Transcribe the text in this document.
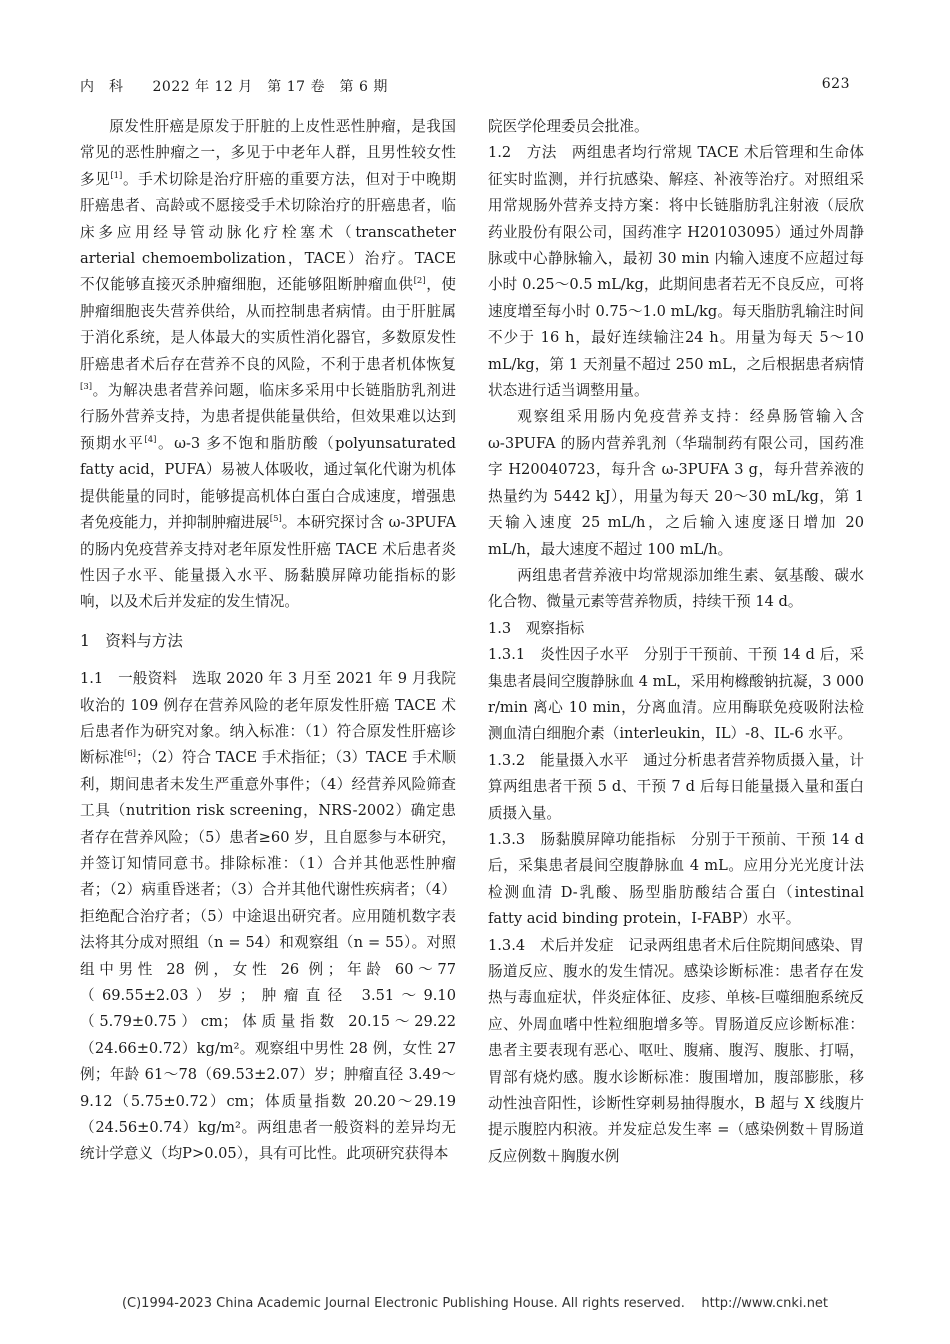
内　科　　2022 年 12 月　第 17 卷　第 6 期	623

原发性肝癌是原发于肝脏的上皮性恶性肿瘤，是我国常见的恶性肿瘤之一，多见于中老年人群，且男性较女性多见[1]。手术切除是治疗肝癌的重要方法，但对于中晚期肝癌患者、高龄或不愿接受手术切除治疗的肝癌患者，临床多应用经导管动脉化疗栓塞术（transcatheter arterial chemoembolization，TACE）治疗。TACE 不仅能够直接灭杀肿瘤细胞，还能够阻断肿瘤血供[2]，使肿瘤细胞丧失营养供给，从而控制患者病情。由于肝脏属于消化系统，是人体最大的实质性消化器官，多数原发性肝癌患者术后存在营养不良的风险，不利于患者机体恢复[3]。为解决患者营养问题，临床多采用中长链脂肪乳剂进行肠外营养支持，为患者提供能量供给，但效果难以达到预期水平[4]。ω-3 多不饱和脂肪酸（polyunsaturated fatty acid，PUFA）易被人体吸收，通过氧化代谢为机体提供能量的同时，能够提高机体白蛋白合成速度，增强患者免疫能力，并抑制肿瘤进展[5]。本研究探讨含 ω-3PUFA 的肠内免疫营养支持对老年原发性肝癌 TACE 术后患者炎性因子水平、能量摄入水平、肠黏膜屏障功能指标的影响，以及术后并发症的发生情况。

1　资料与方法

1.1　一般资料　选取 2020 年 3 月至 2021 年 9 月我院收治的 109 例存在营养风险的老年原发性肝癌 TACE 术后患者作为研究对象。纳入标准：（1）符合原发性肝癌诊断标准[6]；（2）符合 TACE 手术指征；（3）TACE 手术顺利，期间患者未发生严重意外事件；（4）经营养风险筛查工具（nutrition risk screening，NRS-2002）确定患者存在营养风险；（5）患者≥60 岁，且自愿参与本研究，并签订知情同意书。排除标准：（1）合并其他恶性肿瘤者；（2）病重昏迷者；（3）合并其他代谢性疾病者；（4）拒绝配合治疗者；（5）中途退出研究者。应用随机数字表法将其分成对照组（n = 54）和观察组（n = 55）。对照组中男性 28 例，女性 26 例；年龄 60～77（69.55±2.03）岁；肿瘤直径 3.51～9.10（5.79±0.75）cm；体质量指数 20.15～29.22（24.66±0.72）kg/m²。观察组中男性 28 例，女性 27 例；年龄 61～78（69.53±2.07）岁；肿瘤直径 3.49～9.12（5.75±0.72）cm；体质量指数 20.20～29.19（24.56±0.74）kg/m²。两组患者一般资料的差异均无统计学意义（均P>0.05），具有可比性。此项研究获得本

院医学伦理委员会批准。

1.2　方法　两组患者均行常规 TACE 术后管理和生命体征实时监测，并行抗感染、解痉、补液等治疗。对照组采用常规肠外营养支持方案：将中长链脂肪乳注射液（辰欣药业股份有限公司，国药准字 H20103095）通过外周静脉或中心静脉输入，最初 30 min 内输入速度不应超过每小时 0.25～0.5 mL/kg，此期间患者若无不良反应，可将速度增至每小时 0.75～1.0 mL/kg。每天脂肪乳输注时间不少于 16 h，最好连续输注24 h。用量为每天 5～10 mL/kg，第 1 天剂量不超过 250 mL，之后根据患者病情状态进行适当调整用量。

观察组采用肠内免疫营养支持：经鼻肠管输入含 ω-3PUFA 的肠内营养乳剂（华瑞制药有限公司，国药准字 H20040723，每升含 ω-3PUFA 3 g，每升营养液的热量约为 5442 kJ），用量为每天 20～30 mL/kg，第 1 天输入速度 25 mL/h，之后输入速度逐日增加 20 mL/h，最大速度不超过 100 mL/h。

两组患者营养液中均常规添加维生素、氨基酸、碳水化合物、微量元素等营养物质，持续干预 14 d。

1.3　观察指标

1.3.1　炎性因子水平　分别于干预前、干预 14 d 后，采集患者晨间空腹静脉血 4 mL，采用枸橼酸钠抗凝，3 000 r/min 离心 10 min，分离血清。应用酶联免疫吸附法检测血清白细胞介素（interleukin，IL）-8、IL-6 水平。

1.3.2　能量摄入水平　通过分析患者营养物质摄入量，计算两组患者干预 5 d、干预 7 d 后每日能量摄入量和蛋白质摄入量。

1.3.3　肠黏膜屏障功能指标　分别于干预前、干预 14 d 后，采集患者晨间空腹静脉血 4 mL。应用分光光度计法检测血清 D-乳酸、肠型脂肪酸结合蛋白（intestinal fatty acid binding protein，I-FABP）水平。

1.3.4　术后并发症　记录两组患者术后住院期间感染、胃肠道反应、腹水的发生情况。感染诊断标准：患者存在发热与毒血症状，伴炎症体征、皮疹、单核-巨噬细胞系统反应、外周血嗜中性粒细胞增多等。胃肠道反应诊断标准：患者主要表现有恶心、呕吐、腹痛、腹泻、腹胀、打嗝，胃部有烧灼感。腹水诊断标准：腹围增加，腹部膨胀，移动性浊音阳性，诊断性穿刺易抽得腹水，B 超与 X 线腹片提示腹腔内积液。并发症总发生率 =（感染例数＋胃肠道反应例数＋胸腹水例

(C)1994-2023 China Academic Journal Electronic Publishing House. All rights reserved.    http://www.cnki.net
